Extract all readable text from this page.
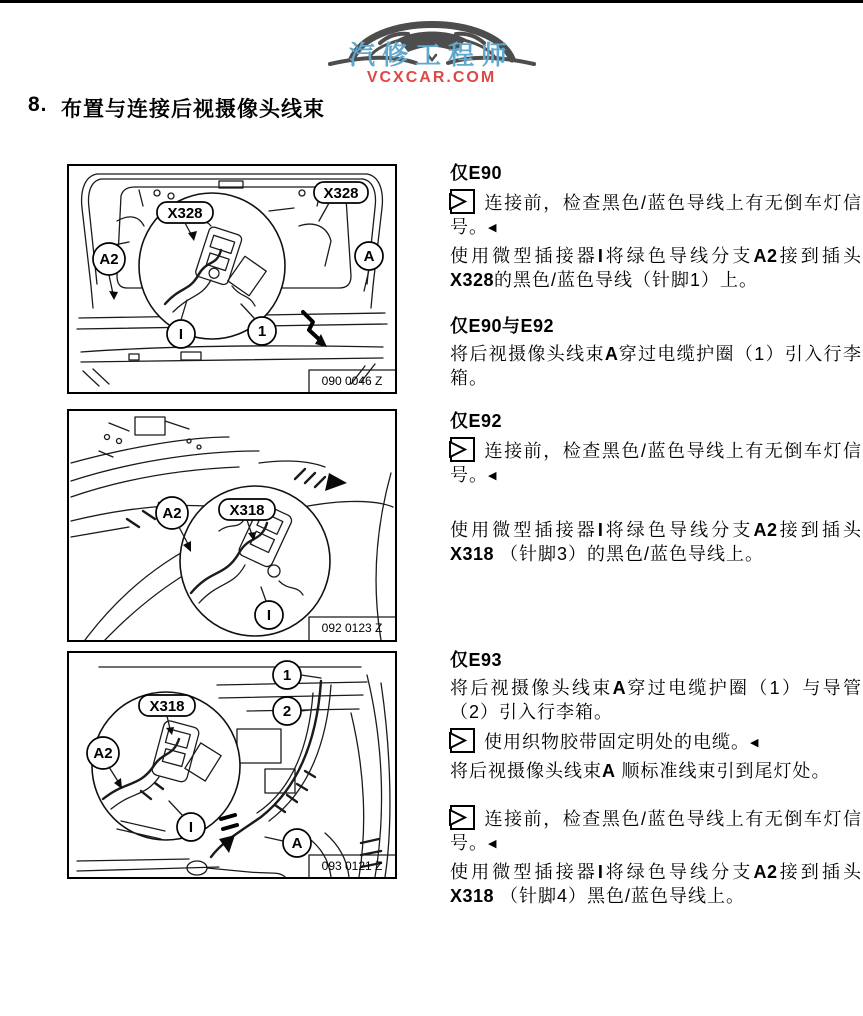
汽修工程师
VCXCAR.COM
8. 布置与连接后视摄像头线束
X328
X328
A2	A
I	1
090 0046 Z
A2	X318
I
092 0123 Z
1
2
X318
A2
I
A
093 0121 Z
仅E90

连接前，检查黑色/蓝色导线上有无倒车灯信号。◀

使用微型插接器I将绿色导线分支A2接到插头X328的黑色/蓝色导线（针脚1）上。

仅E90与E92

将后视摄像头线束A穿过电缆护圈（1）引入行李箱。

仅E92

连接前，检查黑色/蓝色导线上有无倒车灯信号。◀

使用微型插接器I将绿色导线分支A2接到插头X318 （针脚3）的黑色/蓝色导线上。

仅E93

将后视摄像头线束A穿过电缆护圈（1）与导管（2）引入行李箱。

使用织物胶带固定明处的电缆。◀

将后视摄像头线束A 顺标准线束引到尾灯处。

连接前，检查黑色/蓝色导线上有无倒车灯信号。◀

使用微型插接器I将绿色导线分支A2接到插头X318 （针脚4）黑色/蓝色导线上。
